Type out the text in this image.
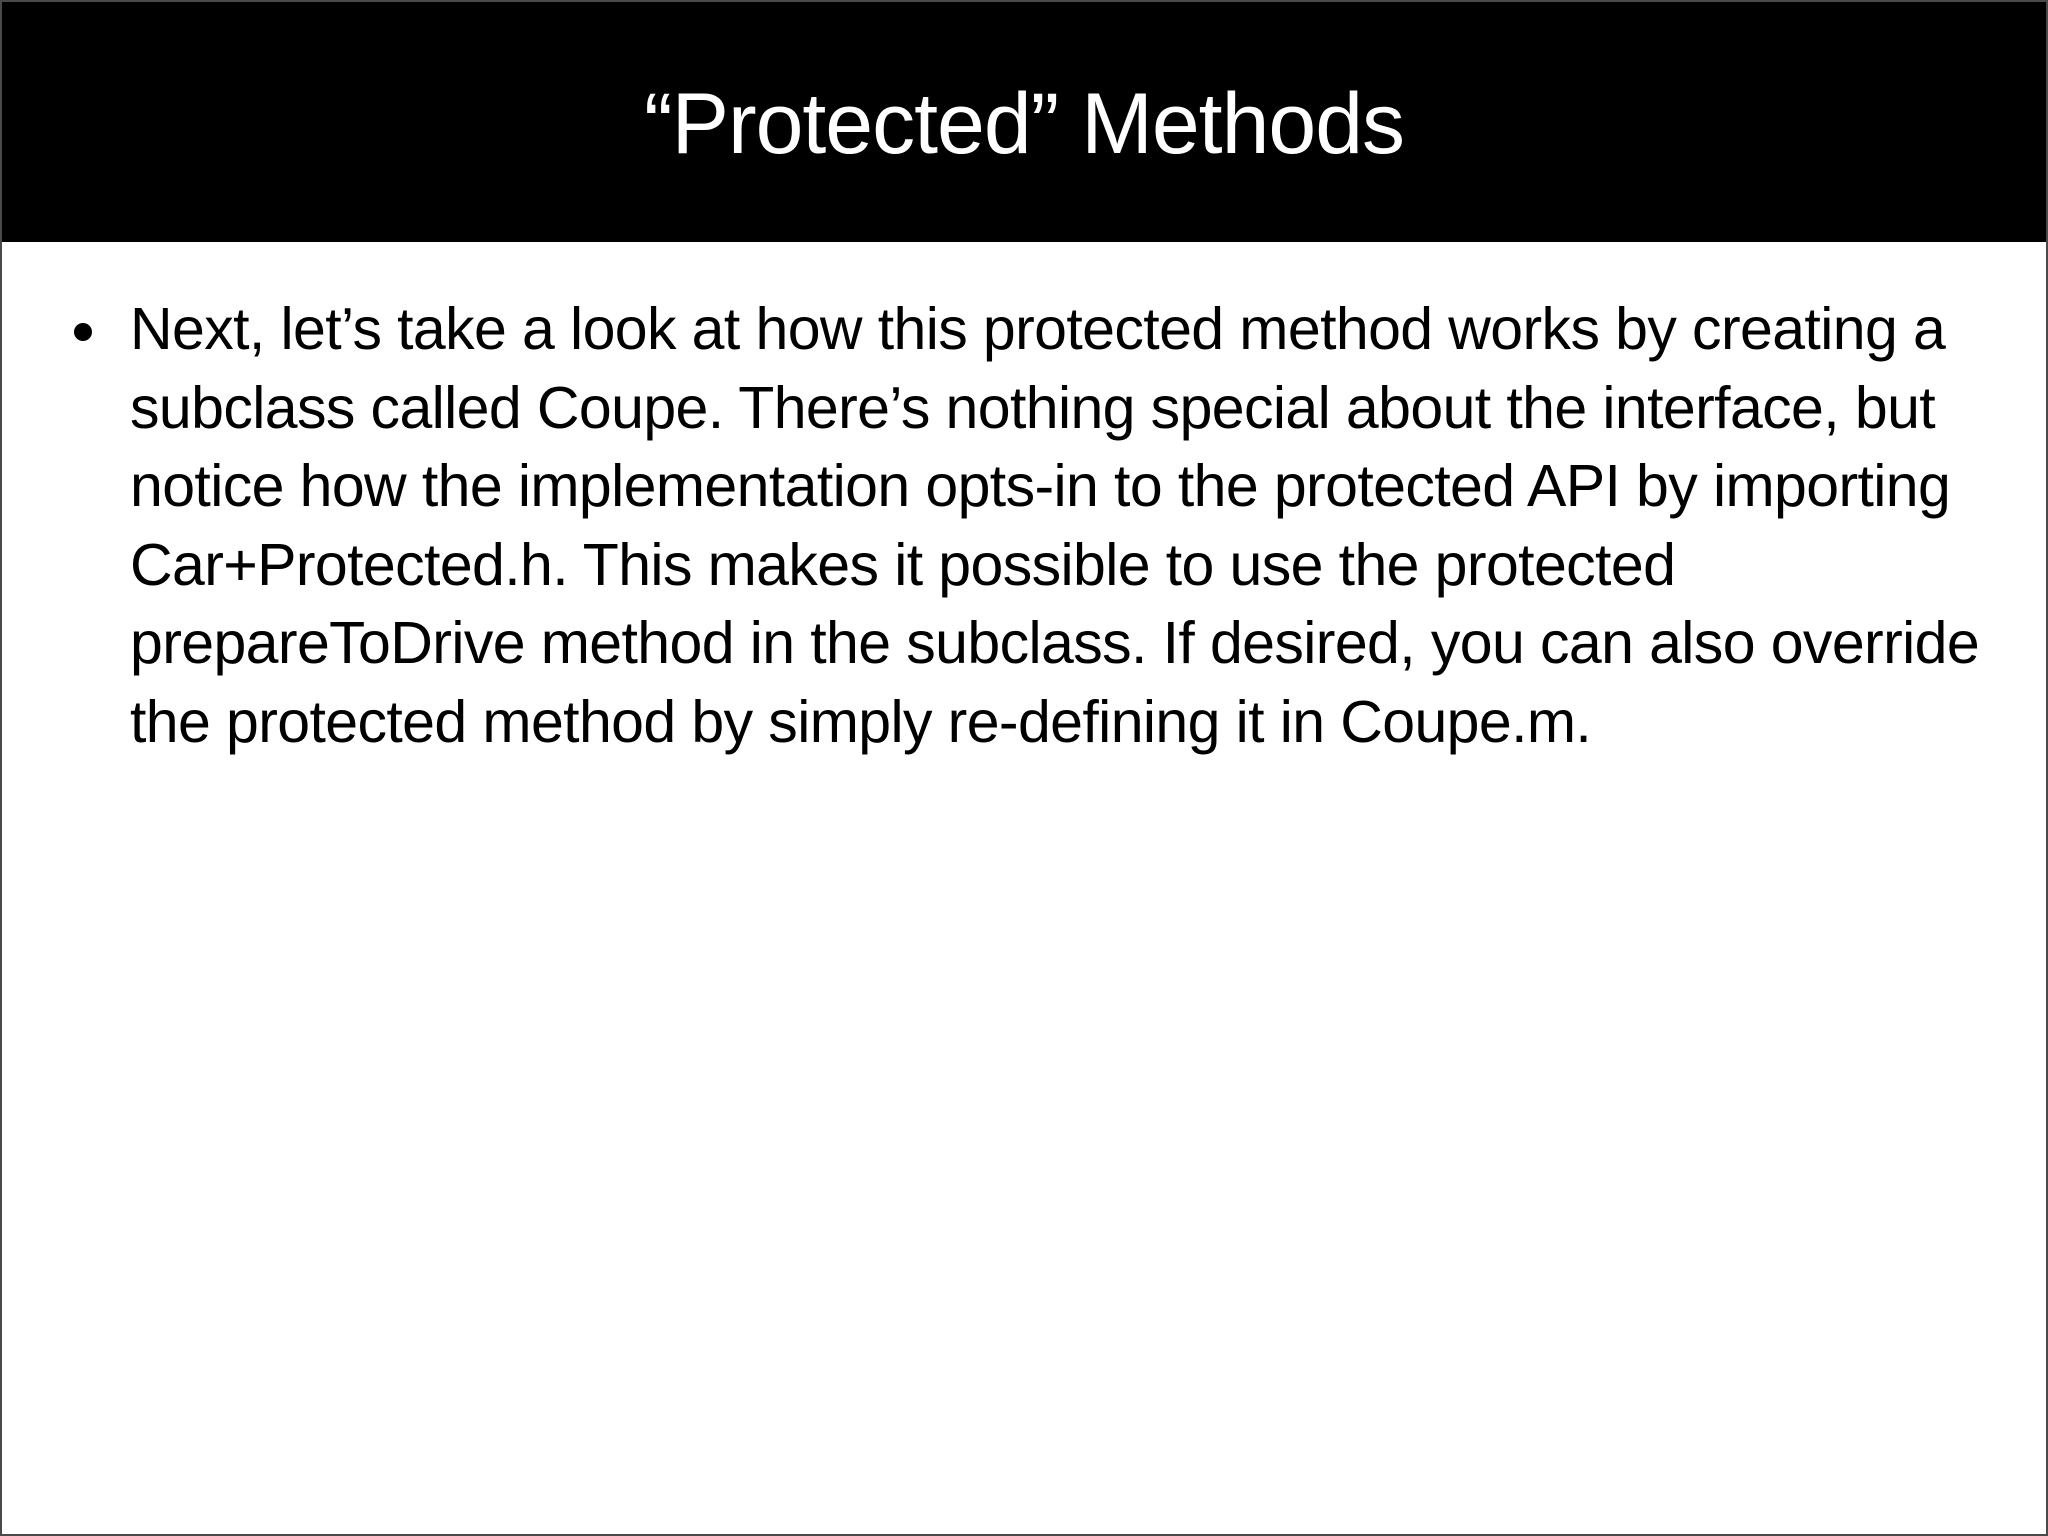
“Protected” Methods
Next, let’s take a look at how this protected method works by creating a subclass called Coupe. There’s nothing special about the interface, but notice how the implementation opts-in to the protected API by importing Car+Protected.h. This makes it possible to use the protected prepareToDrive method in the subclass. If desired, you can also override the protected method by simply re-defining it in Coupe.m.
